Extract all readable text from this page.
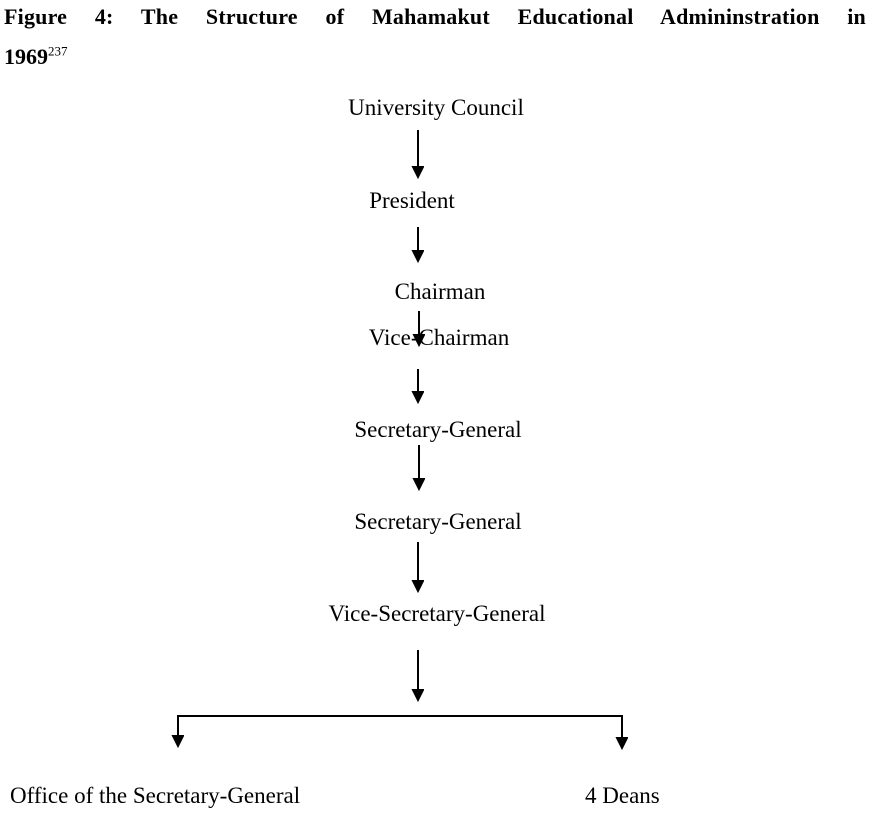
Figure 4: The Structure of Mahamakut Educational Admininstration in
1969$^{237}$
University Council
President
Chairman
Vice-Chairman
Secretary-General
Secretary-General
Vice-Secretary-General
Office of the Secretary-General	4 Deans
